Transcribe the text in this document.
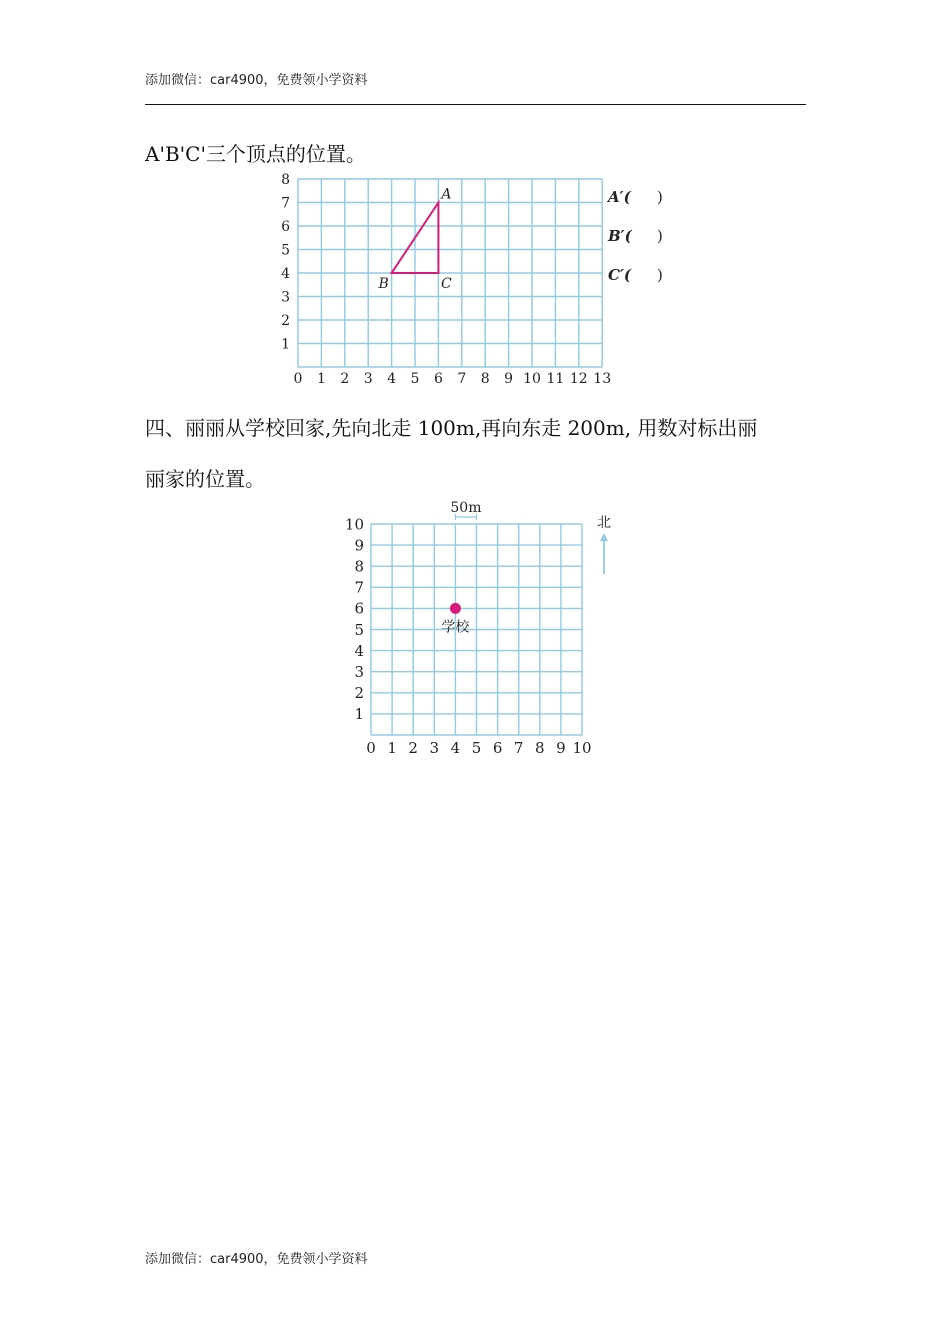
添加微信：car4900，免费领小学资料
A'B'C'三个顶点的位置。
0 1 2 3 4 5 6 7 8 9 10 11 12 13
1
2
3
4
5
6
7
8
A
B	C
A′( )
B′( )
C′( )
四、丽丽从学校回家,先向北走 100m,再向东走 200m, 用数对标出丽
丽家的位置。
0 1 2 3 4 5 6 7 8 9 10
1
2
3
4
5
6
7
8
9
10
50m
北
学校
添加微信：car4900，免费领小学资料
